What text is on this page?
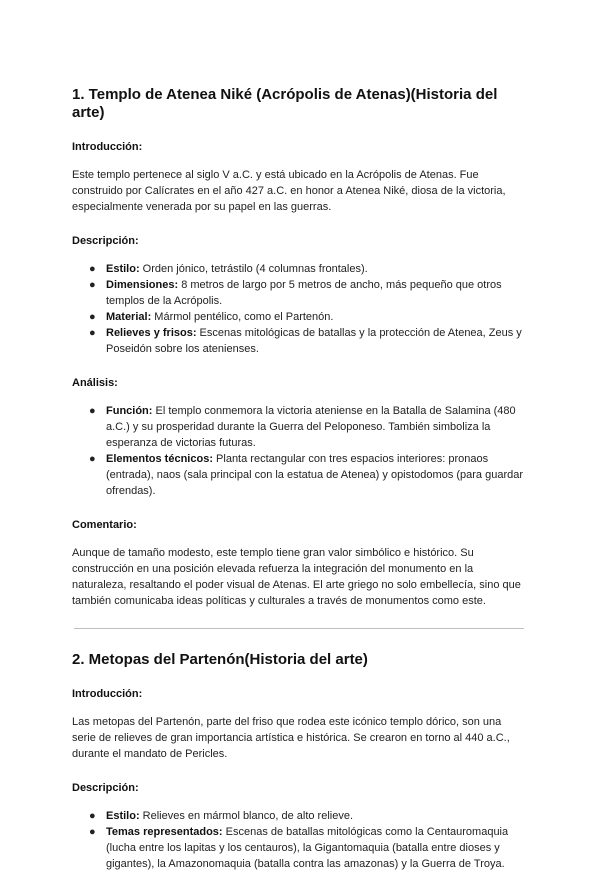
1. Templo de Atenea Niké (Acrópolis de Atenas)(Historia del arte)
Introducción:

Este templo pertenece al siglo V a.C. y está ubicado en la Acrópolis de Atenas. Fue construido por Calícrates en el año 427 a.C. en honor a Atenea Niké, diosa de la victoria, especialmente venerada por su papel en las guerras.

Descripción:
● Estilo: Orden jónico, tetrástilo (4 columnas frontales).
● Dimensiones: 8 metros de largo por 5 metros de ancho, más pequeño que otros templos de la Acrópolis.
● Material: Mármol pentélico, como el Partenón.
● Relieves y frisos: Escenas mitológicas de batallas y la protección de Atenea, Zeus y Poseidón sobre los atenienses.
Análisis:
● Función: El templo conmemora la victoria ateniense en la Batalla de Salamina (480 a.C.) y su prosperidad durante la Guerra del Peloponeso. También simboliza la esperanza de victorias futuras.
● Elementos técnicos: Planta rectangular con tres espacios interiores: pronaos (entrada), naos (sala principal con la estatua de Atenea) y opistodomos (para guardar ofrendas).
Comentario:

Aunque de tamaño modesto, este templo tiene gran valor simbólico e histórico. Su construcción en una posición elevada refuerza la integración del monumento en la naturaleza, resaltando el poder visual de Atenas. El arte griego no solo embellecía, sino que también comunicaba ideas políticas y culturales a través de monumentos como este.

2. Metopas del Partenón(Historia del arte)
Introducción:

Las metopas del Partenón, parte del friso que rodea este icónico templo dórico, son una serie de relieves de gran importancia artística e histórica. Se crearon en torno al 440 a.C., durante el mandato de Pericles.

Descripción:
● Estilo: Relieves en mármol blanco, de alto relieve.
● Temas representados: Escenas de batallas mitológicas como la Centauromaquia (lucha entre los lapitas y los centauros), la Gigantomaquia (batalla entre dioses y gigantes), la Amazonomaquia (batalla contra las amazonas) y la Guerra de Troya.
